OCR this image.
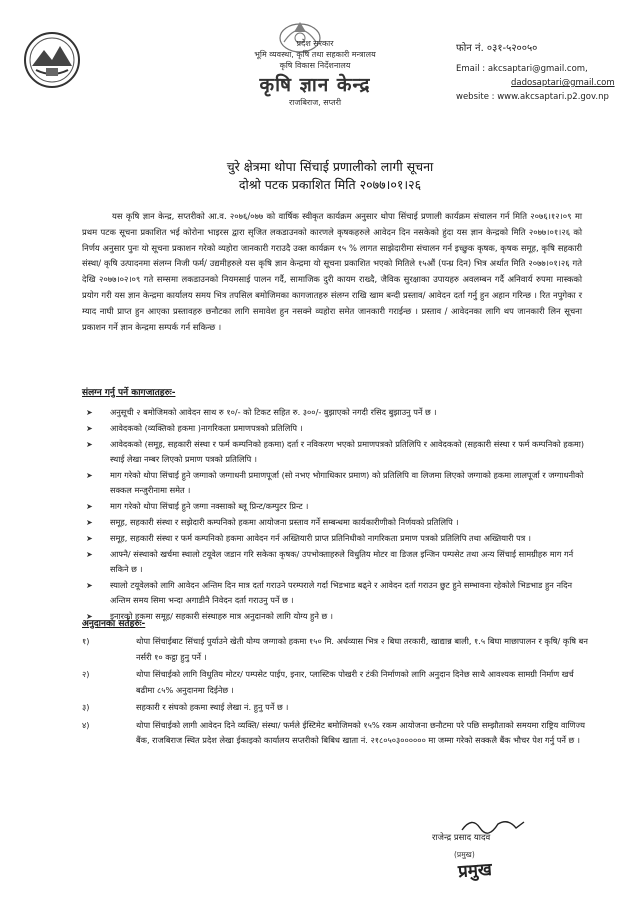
प्रदेश सरकार
भूमि व्यवस्था, कृषि तथा सहकारी मन्त्रालय
कृषि विकास निर्देशनालय
कृषि ज्ञान केन्द्र
राजबिराज, सप्तरी
फोन नं. ०३१-५२००५०
Email : akcsaptari@gmail.com,
dadosaptari@gmail.com
website : www.akcsaptari.p2.gov.np
चुरे क्षेत्रमा थोपा सिंचाई प्रणालीको लागी सूचना
दोश्रो पटक प्रकाशित मिति २०७७।०१।२६

यस कृषि ज्ञान केन्द्र, सप्तरीको आ.व. २०७६/०७७ को वार्षिक स्वीकृत कार्यक्रम अनुसार थोपा सिंचाई प्रणाली कार्यक्रम संचालन गर्न मिति २०७६।१२।०९ मा प्रथम पटक सूचना प्रकाशित भई कोरोना भाइरस द्वारा सृजित लकडाउनको कारणले कृषकहरुले आवेदन दिन नसकेको हुंदा यस ज्ञान केन्द्रको मिति २०७७।०१।२६ को निर्णय अनुसार पुनः यो सूचना प्रकाशन गरेको व्यहोरा जानकारी गराउदै उक्त कार्यक्रम १५ % लागत साझेदारीमा संचालन गर्न इच्छुक कृषक, कृषक समूह, कृषि सहकारी संस्था/ कृषि उत्पादनमा संलग्न निजी फर्म/ उद्यमीहरुले यस कृषि ज्ञान केन्द्रमा यो सूचना प्रकाशित भएको मितिले १५औं (पन्ध्र दिन) भित्र अर्थात मिति २०७७।०१।२६ गते देखि २०७७।०२।०९ गते सम्समा लकडाउनको नियमसाई पालन गर्दै, सामाजिक दुरी कायम राख्दै, जैविक सुरक्षाका उपायहरु अवलम्बन गर्दै अनिवार्य रुपमा मास्कको प्रयोग गरी यस ज्ञान केन्द्रमा कार्यालय समय भित्र तपसिल बमोजिमका कागजातहरु संलग्न राखि खाम बन्दी प्रस्ताव/ आवेदन दर्ता गर्नु हुन अहान गरिन्छ । रित नपुगेका र म्याद नाघी प्राप्त हुन आएका प्रस्तावहरु छनौटका लागि समावेश हुन नसक्ने व्यहोरा समेत जानकारी गराईन्छ । प्रस्ताव / आवेदनका लागि थप जानकारी लिन सूचना प्रकाशन गर्ने ज्ञान केन्द्रमा सम्पर्क गर्न सकिन्छ ।

संलग्न गर्नु पर्ने कागजातहरुः-
➤ अनुसूची २ बमोजिमको आवेदन साथ रु १०/- को टिकट सहित रु. ३००/- बुझाएको नगदी रसिद बुझाउनु पर्ने छ ।
➤ आवेदकको (व्यक्तिको हकमा )नागरिकता प्रमाणपत्रको प्रतिलिपि ।
➤ आवेदकको (समूह, सहकारी संस्था र फर्म कम्पनिको हकमा) दर्ता र नविकरण भएको प्रमाणपत्रको प्रतिलिपि र आवेदकको (सहकारी संस्था र फर्म कम्पनिको हकमा) स्थाई लेखा नम्बर लिएको प्रमाण पत्रको प्रतिलिपि ।
➤ माग गरेको थोपा सिंचाई हुने जग्गाको जग्गाधनी प्रमाणपूर्जा (सो नभए भोगाधिकार प्रमाण) को प्रतिलिपि वा लिजमा लिएको जग्गाको हकमा लालपूर्जा र जग्गाधनीको सक्कल मन्जुरीनामा समेत ।
➤ माग गरेको थोपा सिंचाई हुने जग्गा नक्साको ब्लू प्रिन्ट/कम्पुटर प्रिन्ट ।
➤ समूह, सहकारी संस्था र सझेदारी कम्पनिको हकमा आयोजना प्रस्ताव गर्ने सम्बन्धमा कार्यकारीणीको निर्णयको प्रतिलिपि ।
➤ समूह, सहकारी संस्था र फर्म कम्पनिको हकमा आवेदन गर्न अख्तियारी प्राप्त प्रतिनिधीको नागरिकता प्रमाण पत्रको प्रतिलिपि तथा अख्तियारी पत्र ।
➤ आफ्नै/ संस्थाको खर्चमा स्थालो टयूवेल जडान गरि सकेका कृषक/ उपभोक्ताहरुले विधुतिय मोटर वा डिजल इन्जिन पम्पसेट तथा अन्य सिंचाई सामग्रीहरु माग गर्न सकिने छ ।
➤ स्यालो टयूवेलको लागि आवेदन अन्तिम दिन मात्र दर्ता गराउने परम्पराले गर्दा भिडभाड बढ्ने र आवेदन दर्ता गराउन छुट हुने सम्भावना रहेकोले भिडभाड हुन नदिन अन्तिम समय सिमा भन्दा अगाडीनै निवेदन दर्ता गराउनु पर्ने छ ।
➤ इनारको हकमा समूह/ सहकारी संस्थाहरु मात्र अनुदानको लागि योग्य हुने छ ।
अनुदानका सर्तहरुः-
१)	थोपा सिंचाईबाट सिंचाई पुर्याउने खेती योग्य जग्गाको हकमा १५० मि. अर्धव्यास भित्र २ बिघा तरकारी, खाद्यान्न बाली, १.५ बिघा माछापालन र कृषि/ कृषि बन नर्सरी १० कट्ठा हुनु पर्ने ।
२)	थोपा सिंचाईको लागि विधुतिय मोटर/ पम्पसेट पाईप, इनार, प्लास्टिक पोखरी र टंकी निर्माणको लागि अनुदान दिनेछ साथै आवश्यक सामग्री निर्माण खर्च बढीमा ८५% अनुदानमा दिईनेछ ।
३)	सहकारी र संघको हकमा स्थाई लेखा नं. हुनु पर्ने छ ।
४)	थोपा सिंचाईको लागी आवेदन दिने व्यक्ति/ संस्था/ फर्मले ईस्टिमेट बमोजिमको १५% रकम आयोजना छनौटमा परे पछि सम्झौताको समयमा राष्ट्रिय वाणिज्य बैंक, राजबिराज स्थित प्रदेश लेखा ईकाइको कार्यालय सप्तरीको बिबिध खाता नं. २१८०५०३०००००० मा जम्मा गरेको सक्कलै बैंक भौचर पेश गर्नु पर्ने छ ।
राजेन्द्र प्रसाद यादव
(प्रमुख)
प्रमुख
